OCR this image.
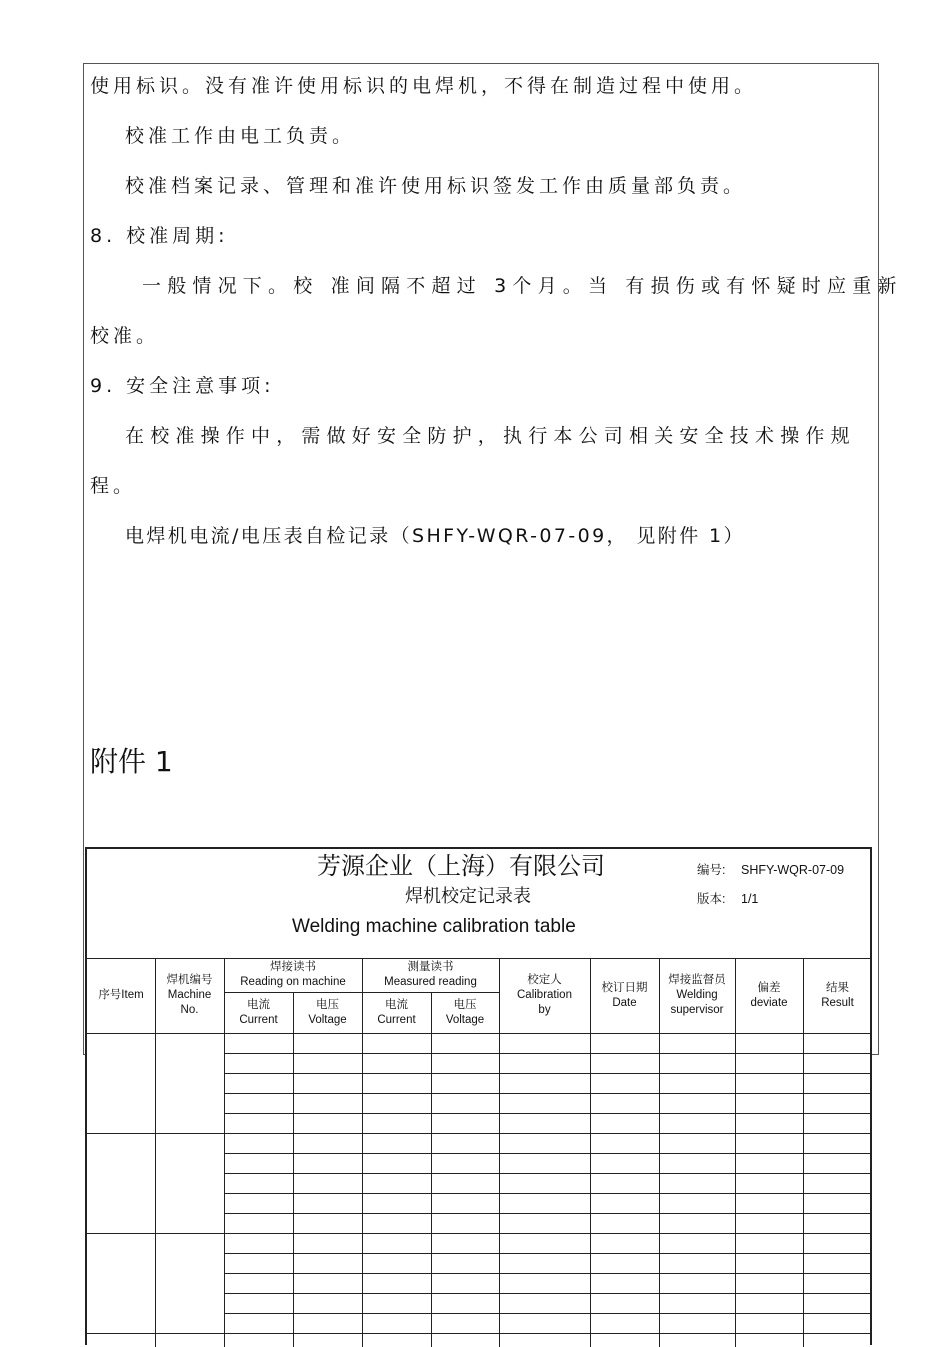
使用标识。没有准许使用标识的电焊机，不得在制造过程中使用。
校准工作由电工负责。
校准档案记录、管理和准许使用标识签发工作由质量部负责。
8. 校准周期:
一般情况下。校 准间隔不超过 3个月。当 有损伤或有怀疑时应重新
校准。
9. 安全注意事项:
在校准操作中，需做好安全防护，执行本公司相关安全技术操作规
程。
电焊机电流/电压表自检记录（SHFY-WQR-07-09， 见附件 1）
附件 1
芳源企业（上海）有限公司
焊机校定记录表
Welding machine calibration table
编号: SHFY-WQR-07-09
版本: 1/1
序号Item
焊机编号
Machine
No.
焊接读书
Reading on machine
测量读书
Measured reading
电流
Current
电压
Voltage
电流
Current
电压
Voltage
校定人
Calibration
by
校订日期
Date
焊接监督员
Welding
supervisor
偏差
deviate
结果
Result
